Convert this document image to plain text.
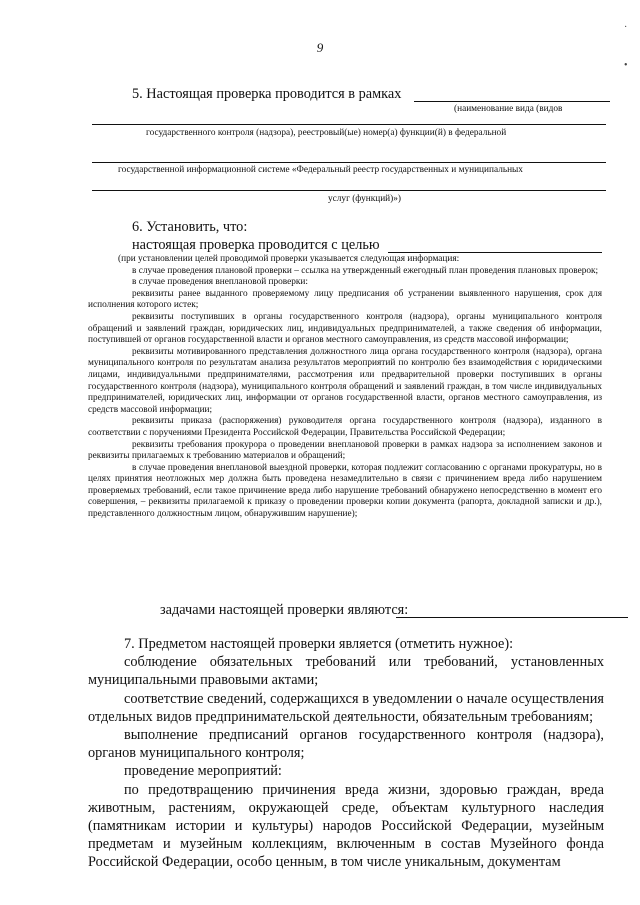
9
·
•
5. Настоящая проверка проводится в рамках
(наименование вида (видов
государственного контроля (надзора), реестровый(ые) номер(а) функции(й) в федеральной
государственной информационной системе «Федеральный реестр государственных и муниципальных
услуг (функций)»)
6. Установить, что:
настоящая проверка проводится с целью

(при установлении целей проводимой проверки указывается следующая информация:

в случае проведения плановой проверки – ссылка на утвержденный ежегодный план проведения плановых проверок;

в случае проведения внеплановой проверки:

реквизиты ранее выданного проверяемому лицу предписания об устранении выявленного нарушения, срок для исполнения которого истек;

реквизиты поступивших в органы государственного контроля (надзора), органы муниципального контроля обращений и заявлений граждан, юридических лиц, индивидуальных предпринимателей, а также сведения об информации, поступившей от органов государственной власти и органов местного самоуправления, из средств массовой информации;

реквизиты мотивированного представления должностного лица органа государственного контроля (надзора), органа муниципального контроля по результатам анализа результатов мероприятий по контролю без взаимодействия с юридическими лицами, индивидуальными предпринимателями, рассмотрения или предварительной проверки поступивших в органы государственного контроля (надзора), муниципального контроля обращений и заявлений граждан, в том числе индивидуальных предпринимателей, юридических лиц, информации от органов государственной власти, органов местного самоуправления, из средств массовой информации;

реквизиты приказа (распоряжения) руководителя органа государственного контроля (надзора), изданного в соответствии с поручениями Президента Российской Федерации, Правительства Российской Федерации;

реквизиты требования прокурора о проведении внеплановой проверки в рамках надзора за исполнением законов и реквизиты прилагаемых к требованию материалов и обращений;

в случае проведения внеплановой выездной проверки, которая подлежит согласованию с органами прокуратуры, но в целях принятия неотложных мер должна быть проведена незамедлительно в связи с причинением вреда либо нарушением проверяемых требований, если такое причинение вреда либо нарушение требований обнаружено непосредственно в момент его совершения, – реквизиты прилагаемой к приказу о проведении проверки копии документа (рапорта, докладной записки и др.), представленного должностным лицом, обнаружившим нарушение);

задачами настоящей проверки являются:

7. Предметом настоящей проверки является (отметить нужное):

соблюдение обязательных требований или требований, установленных муниципальными правовыми актами;

соответствие сведений, содержащихся в уведомлении о начале осуществления отдельных видов предпринимательской деятельности, обязательным требованиям;

выполнение предписаний органов государственного контроля (надзора), органов муниципального контроля;

проведение мероприятий:

по предотвращению причинения вреда жизни, здоровью граждан, вреда животным, растениям, окружающей среде, объектам культурного наследия (памятникам истории и культуры) народов Российской Федерации, музейным предметам и музейным коллекциям, включенным в состав Музейного фонда Российской Федерации, особо ценным, в том числе уникальным, документам
